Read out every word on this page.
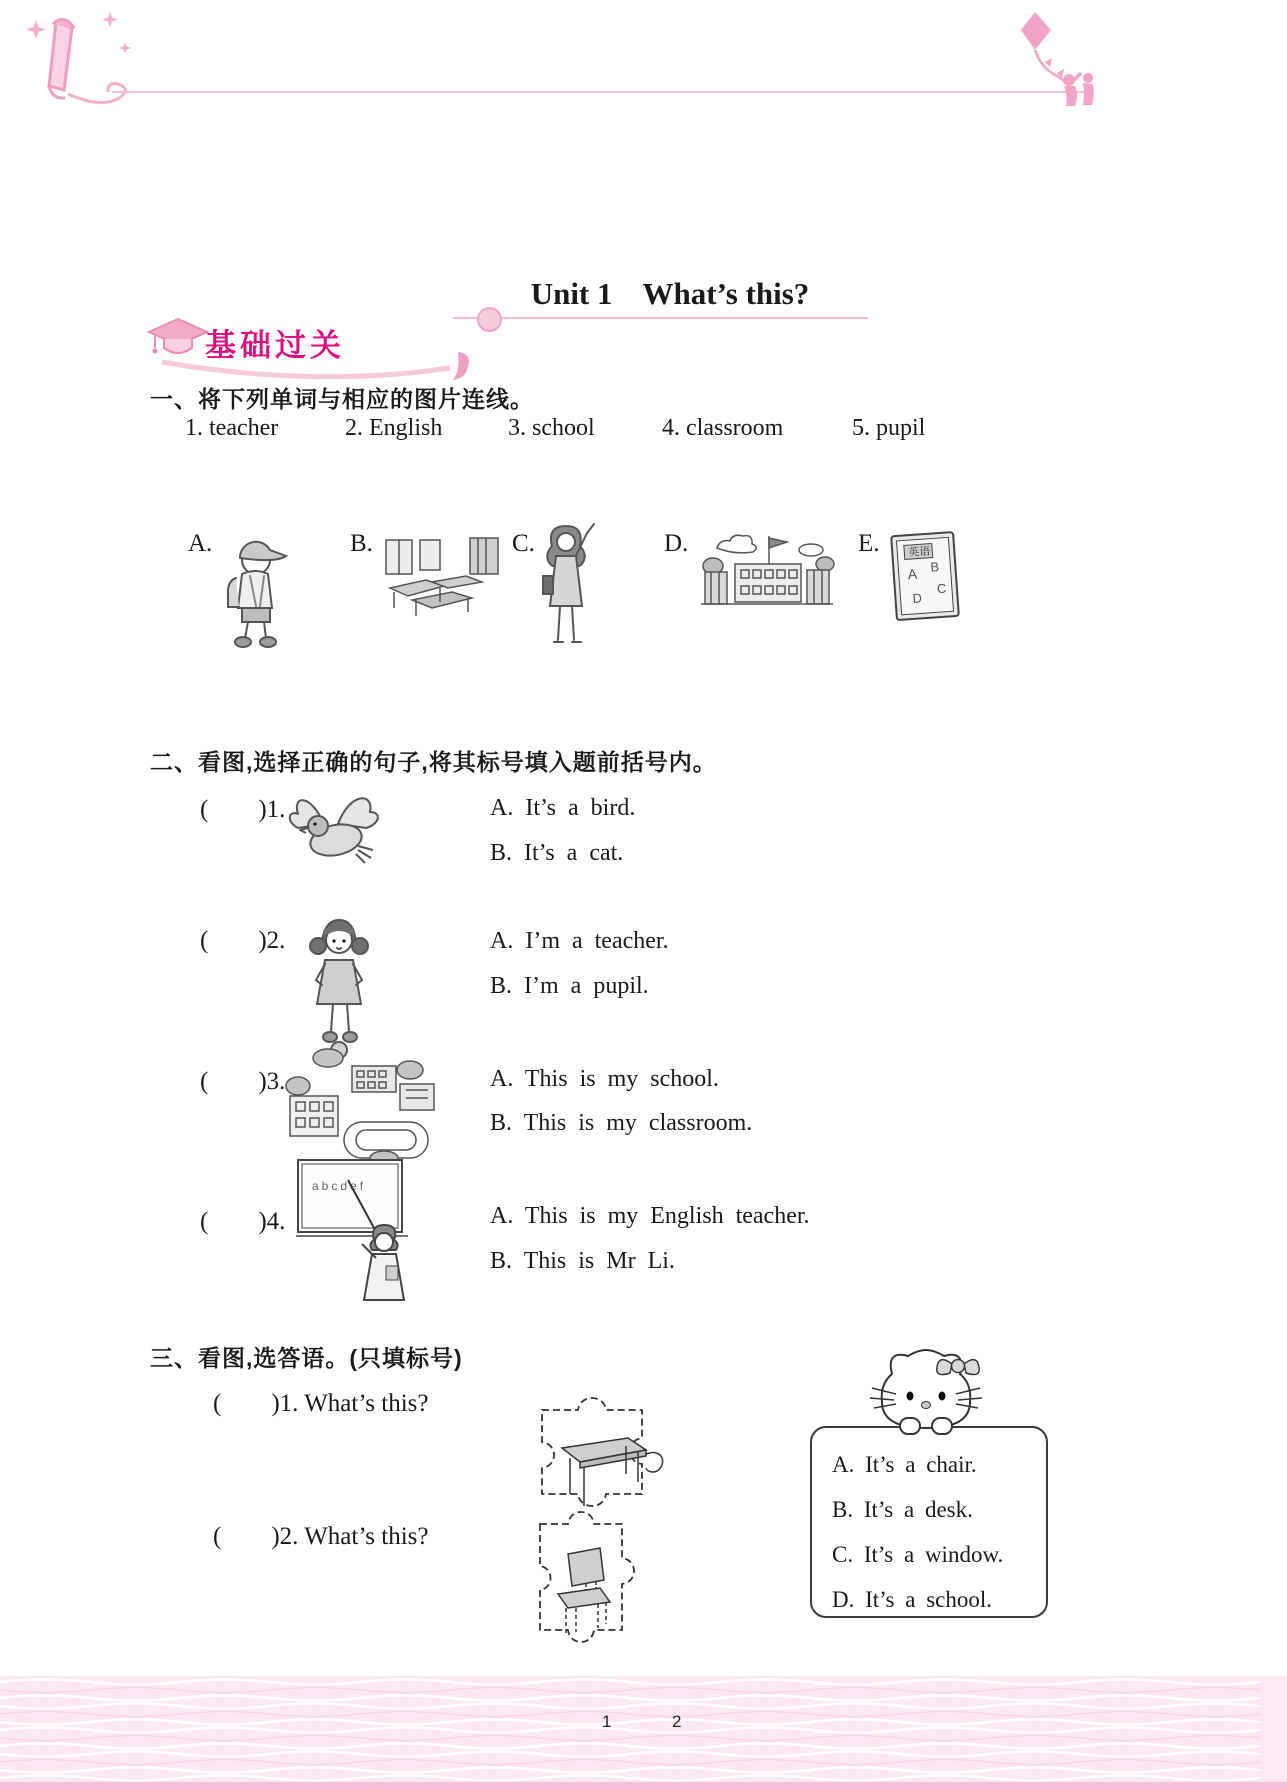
Unit 1 What’s this?
基础过关
一、将下列单词与相应的图片连线。
1. teacher	2. English	3. school	4. classroom	5. pupil
A.	B.	C.	D.	E.	英语
A B
C
D
二、看图,选择正确的句子,将其标号填入题前括号内。
(  )1.	A. It’s a bird.
B. It’s a cat.
(  )2.	A. I’m a teacher.
B. I’m a pupil.
(  )3.	A. This is my school.
B. This is my classroom.
(  )4.
abcdef
A. This is my English teacher.
B. This is Mr Li.
三、看图,选答语。(只填标号)
(  )1. What’s this?
A. It’s a chair.
B. It’s a desk.
C. It’s a window.
D. It’s a school.
(  )2. What’s this?
1	2
